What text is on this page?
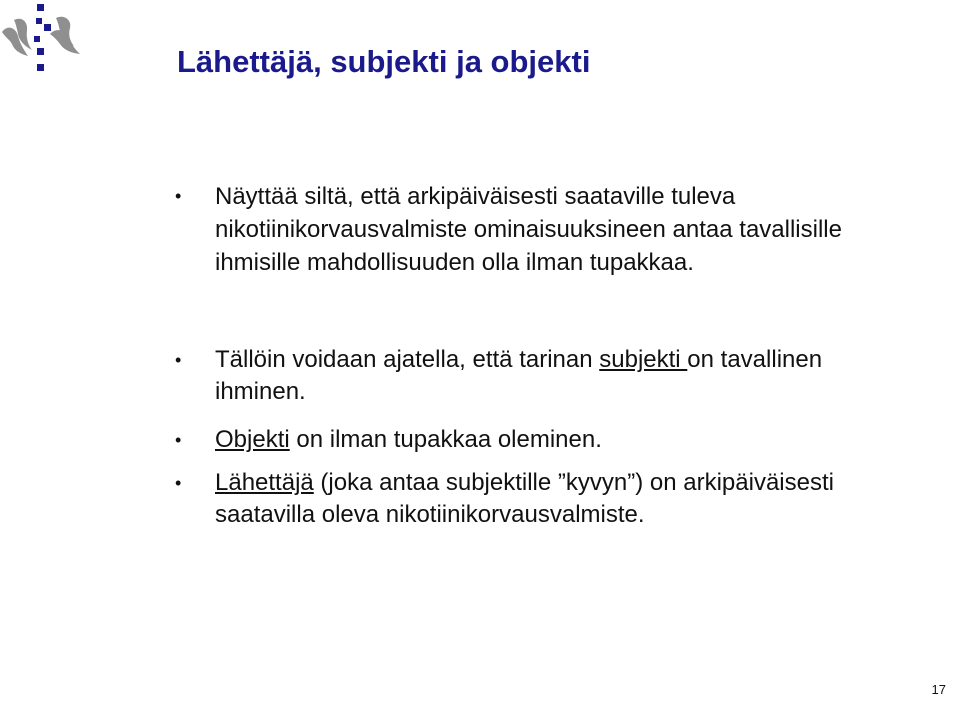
Lähettäjä, subjekti ja objekti
• Näyttää siltä, että arkipäiväisesti saataville tuleva nikotiinikorvausvalmiste ominaisuuksineen antaa tavallisille ihmisille mahdollisuuden olla ilman tupakkaa.
• Tällöin voidaan ajatella, että tarinan subjekti on tavallinen ihminen.
• Objekti on ilman tupakkaa oleminen.
• Lähettäjä (joka antaa subjektille ”kyvyn”) on arkipäiväisesti saatavilla oleva nikotiinikorvausvalmiste.
17
